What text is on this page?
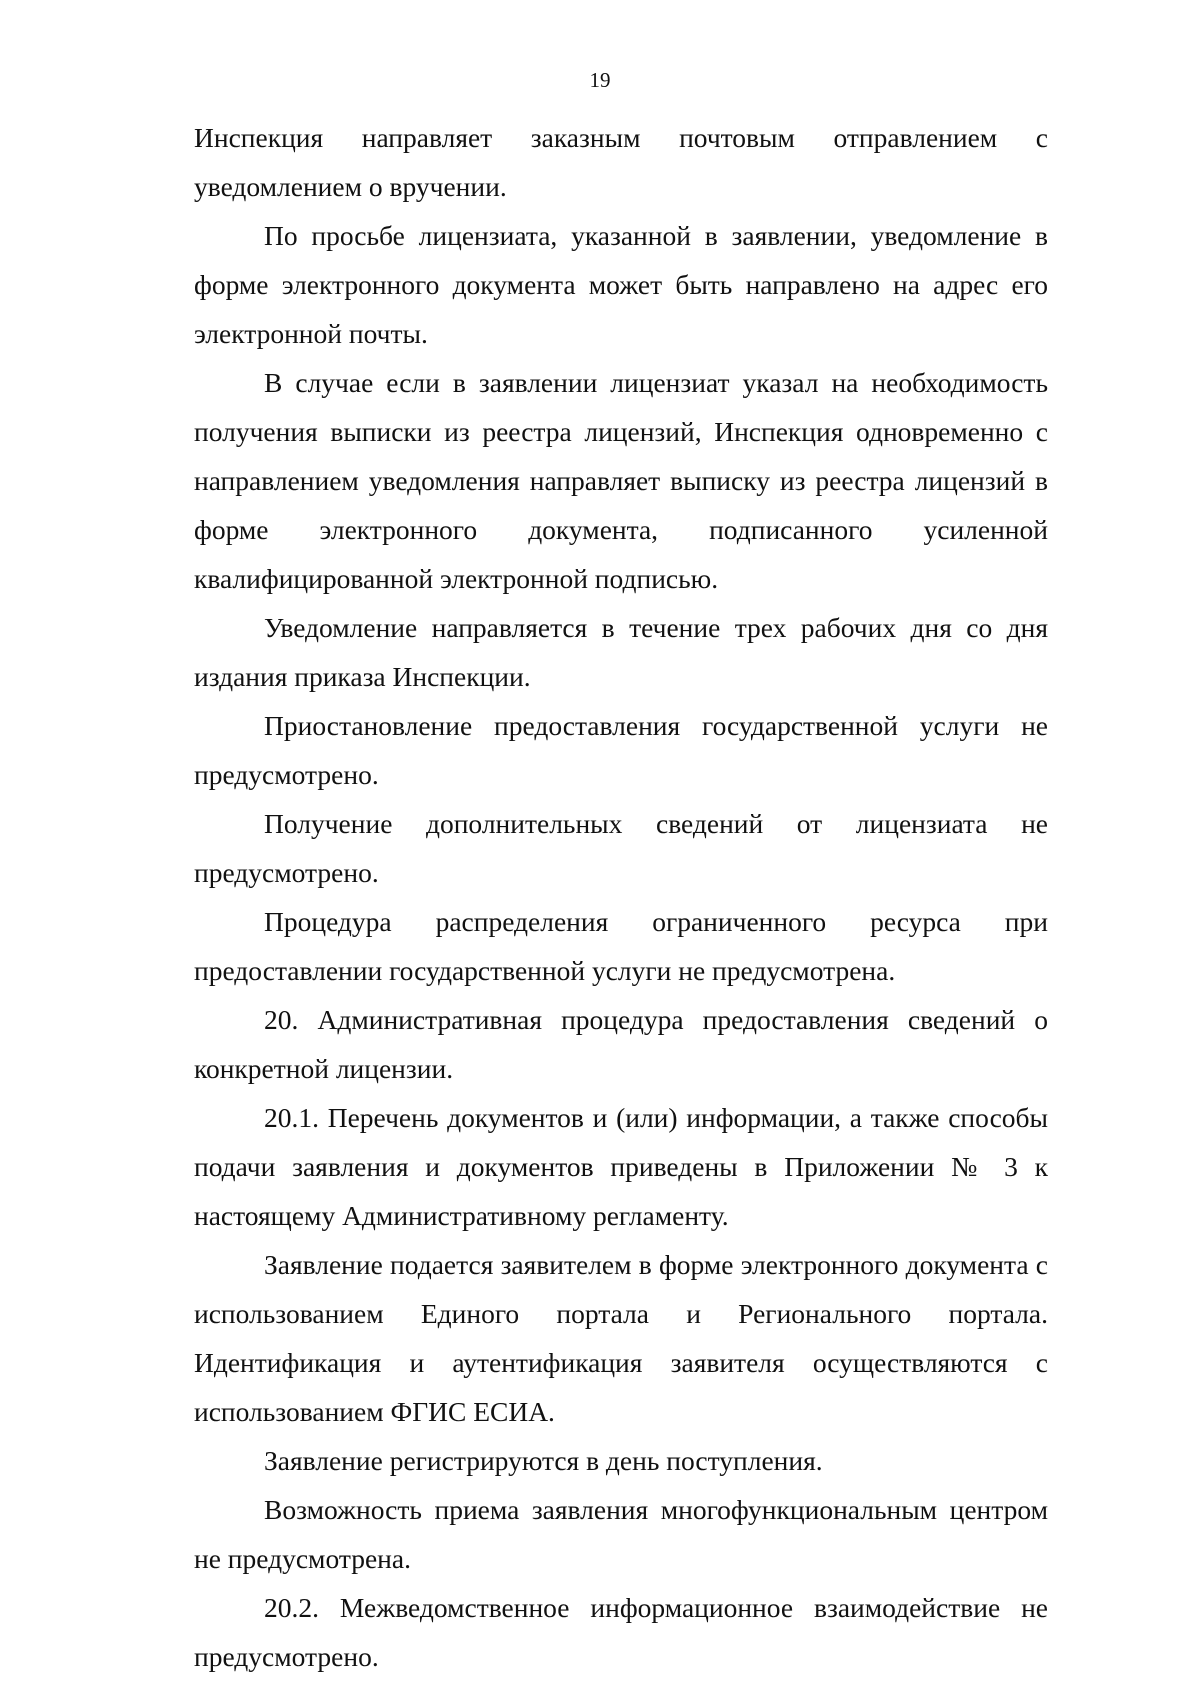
19

Инспекция направляет заказным почтовым отправлением с уведомлением о вручении.

По просьбе лицензиата, указанной в заявлении, уведомление в форме электронного документа может быть направлено на адрес его электронной почты.

В случае если в заявлении лицензиат указал на необходимость получения выписки из реестра лицензий, Инспекция одновременно с направлением уведомления направляет выписку из реестра лицензий в форме электронного документа, подписанного усиленной квалифицированной электронной подписью.

Уведомление направляется в течение трех рабочих дня со дня издания приказа Инспекции.

Приостановление предоставления государственной услуги не предусмотрено.

Получение дополнительных сведений от лицензиата не предусмотрено.

Процедура распределения ограниченного ресурса при предоставлении государственной услуги не предусмотрена.

20. Административная процедура предоставления сведений о конкретной лицензии.

20.1. Перечень документов и (или) информации, а также способы подачи заявления и документов приведены в Приложении № 3 к настоящему Административному регламенту.

Заявление подается заявителем в форме электронного документа с использованием Единого портала и Регионального портала. Идентификация и аутентификация заявителя осуществляются с использованием ФГИС ЕСИА.

Заявление регистрируются в день поступления.

Возможность приема заявления многофункциональным центром не предусмотрена.

20.2. Межведомственное информационное взаимодействие не предусмотрено.
